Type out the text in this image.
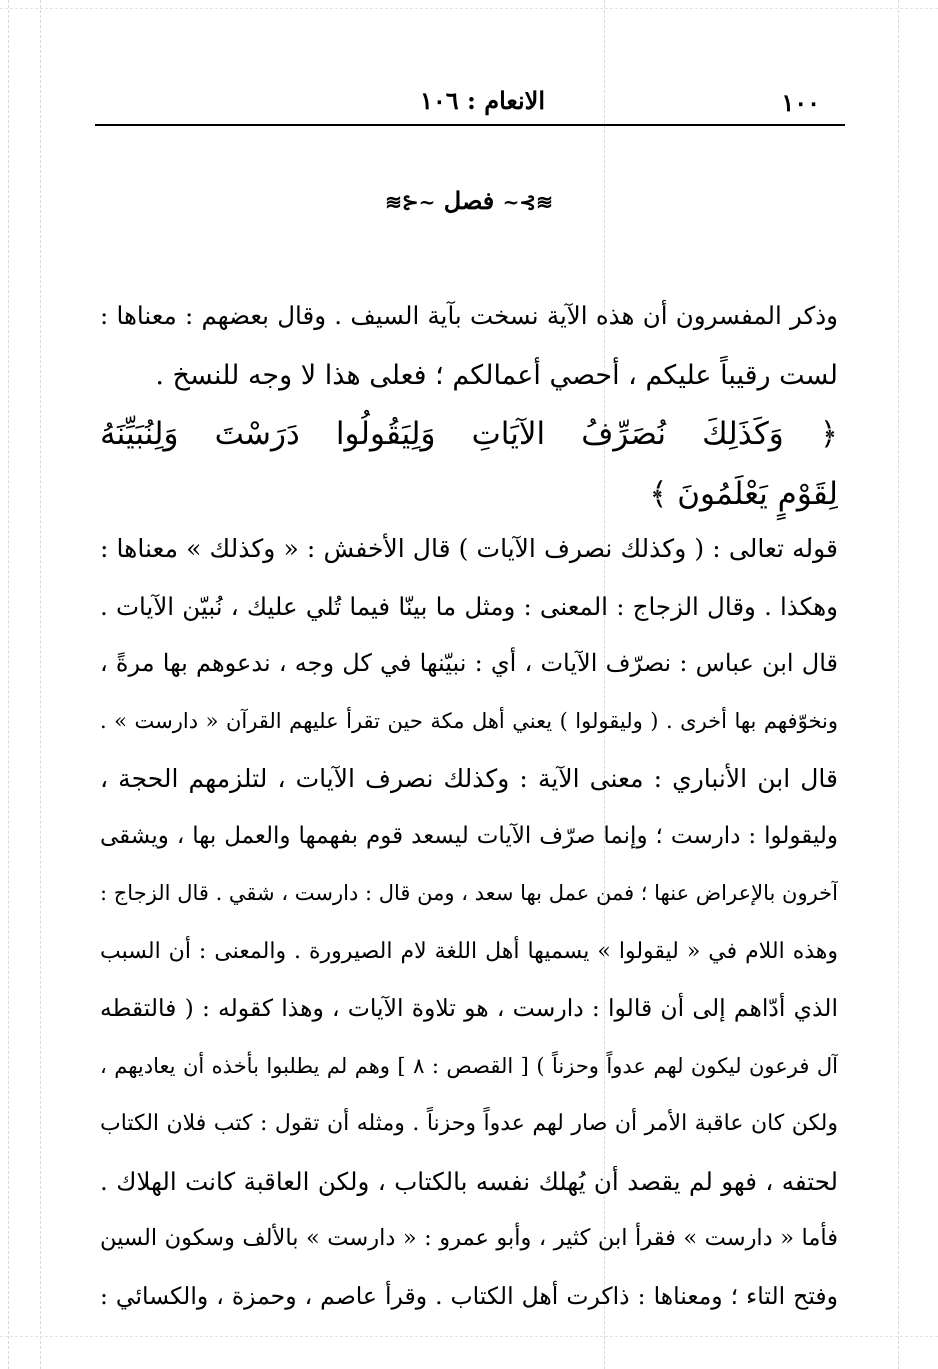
١٠٠
الانعام : ١٠٦
≋⊱~ فصل ~⊰≋
وذكر المفسرون أن هذه الآية نسخت بآية السيف . وقال بعضهم : معناها :
لست رقيباً عليكم ، أحصي أعمالكم ؛ فعلى هذا لا وجه للنسخ .
﴿ وَكَذَلِكَ نُصَرِّفُ الآيَاتِ وَلِيَقُولُوا دَرَسْتَ وَلِنُبَيِّنَهُ
لِقَوْمٍ يَعْلَمُونَ ﴾
قوله تعالى : ( وكذلك نصرف الآيات ) قال الأخفش : « وكذلك » معناها :
وهكذا . وقال الزجاج : المعنى : ومثل ما بينّا فيما تُلي عليك ، نُبيّن الآيات .
قال ابن عباس : نصرّف الآيات ، أي : نبيّنها في كل وجه ، ندعوهم بها مرةً ،
ونخوّفهم بها أخرى . ( وليقولوا ) يعني أهل مكة حين تقرأ عليهم القرآن « دارست » .
قال ابن الأنباري : معنى الآية : وكذلك نصرف الآيات ، لتلزمهم الحجة ،
وليقولوا : دارست ؛ وإنما صرّف الآيات ليسعد قوم بفهمها والعمل بها ، ويشقى
آخرون بالإعراض عنها ؛ فمن عمل بها سعد ، ومن قال : دارست ، شقي . قال الزجاج :
وهذه اللام في « ليقولوا » يسميها أهل اللغة لام الصيرورة . والمعنى : أن السبب
الذي أدّاهم إلى أن قالوا : دارست ، هو تلاوة الآيات ، وهذا كقوله : ( فالتقطه
آل فرعون ليكون لهم عدواً وحزناً ) [ القصص : ٨ ] وهم لم يطلبوا بأخذه أن يعاديهم ،
ولكن كان عاقبة الأمر أن صار لهم عدواً وحزناً . ومثله أن تقول : كتب فلان الكتاب
لحتفه ، فهو لم يقصد أن يُهلك نفسه بالكتاب ، ولكن العاقبة كانت الهلاك .
فأما « دارست » فقرأ ابن كثير ، وأبو عمرو : « دارست » بالألف وسكون السين
وفتح التاء ؛ ومعناها : ذاكرت أهل الكتاب . وقرأ عاصم ، وحمزة ، والكسائي :
